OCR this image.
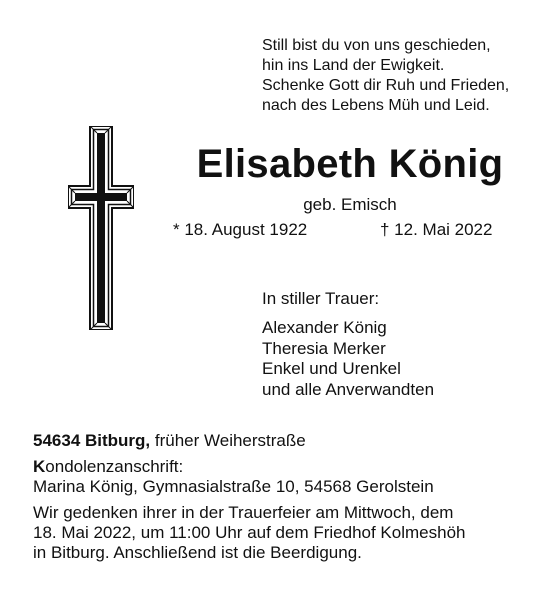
Still bist du von uns geschieden,
hin ins Land der Ewigkeit.
Schenke Gott dir Ruh und Frieden,
nach des Lebens Müh und Leid.
Elisabeth König
geb. Emisch
* 18. August 1922	† 12. Mai 2022
In stiller Trauer:
Alexander König
Theresia Merker
Enkel und Urenkel
und alle Anverwandten
54634 Bitburg, früher Weiherstraße
Kondolenzanschrift:
Marina König, Gymnasialstraße 10, 54568 Gerolstein
Wir gedenken ihrer in der Trauerfeier am Mittwoch, dem
18. Mai 2022, um 11:00 Uhr auf dem Friedhof Kolmeshöh
in Bitburg. Anschließend ist die Beerdigung.
